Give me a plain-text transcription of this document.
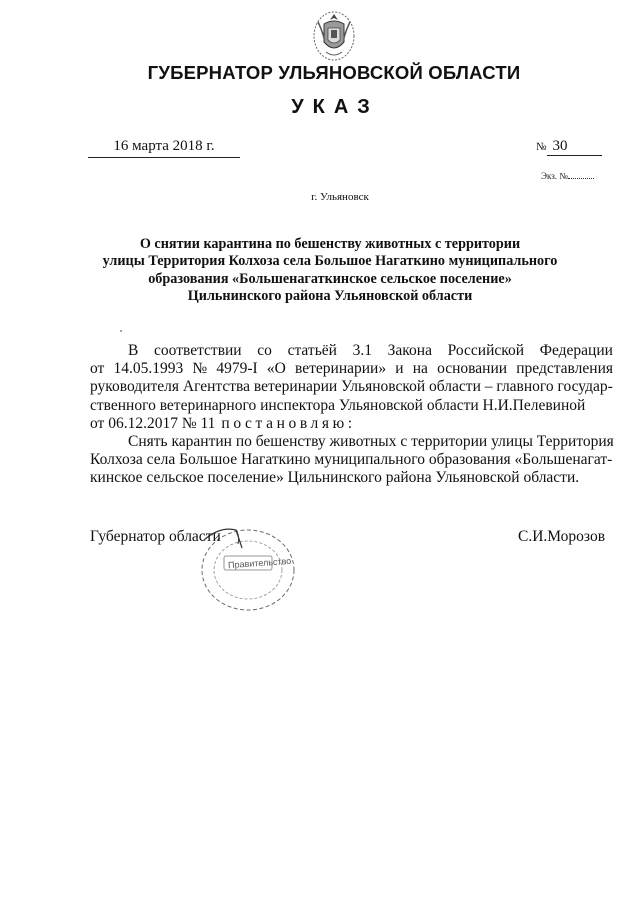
ГУБЕРНАТОР УЛЬЯНОВСКОЙ ОБЛАСТИ
УКАЗ
16 марта 2018 г.	№ 30
Экз. №
г. Ульяновск
О снятии карантина по бешенству животных с территории
улицы Территория Колхоза села Большое Нагаткино муниципального
образования «Большенагаткинское сельское поселение»
Цильнинского района Ульяновской области
В соответствии со статьёй 3.1 Закона Российской Федерации
от 14.05.1993 № 4979-I «О ветеринарии» и на основании представления
руководителя Агентства ветеринарии Ульяновской области – главного государ-
ственного ветеринарного инспектора Ульяновской области Н.И.Пелевиной
от 06.12.2017 № 11 постановляю:
Снять карантин по бешенству животных с территории улицы Территория
Колхоза села Большое Нагаткино муниципального образования «Большенагат-
кинское сельское поселение» Цильнинского района Ульяновской области.
Правительство
Губернатор области	С.И.Морозов
